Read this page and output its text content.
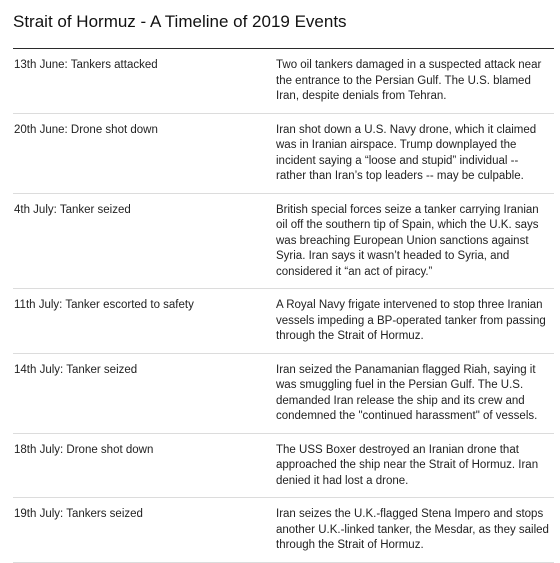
Strait of Hormuz - A Timeline of 2019 Events
13th June: Tankers attacked	Two oil tankers damaged in a suspected attack near the entrance to the Persian Gulf. The U.S. blamed Iran, despite denials from Tehran.
20th June: Drone shot down	Iran shot down a U.S. Navy drone, which it claimed was in Iranian airspace. Trump downplayed the incident saying a “loose and stupid” individual -- rather than Iran’s top leaders -- may be culpable.
4th July: Tanker seized	British special forces seize a tanker carrying Iranian oil off the southern tip of Spain, which the U.K. says was breaching European Union sanctions against Syria. Iran says it wasn’t headed to Syria, and considered it “an act of piracy.”
11th July: Tanker escorted to safety	A Royal Navy frigate intervened to stop three Iranian vessels impeding a BP-operated tanker from passing through the Strait of Hormuz.
14th July: Tanker seized	Iran seized the Panamanian flagged Riah, saying it was smuggling fuel in the Persian Gulf. The U.S. demanded Iran release the ship and its crew and condemned the "continued harassment" of vessels.
18th July: Drone shot down	The USS Boxer destroyed an Iranian drone that approached the ship near the Strait of Hormuz. Iran denied it had lost a drone.
19th July: Tankers seized	Iran seizes the U.K.-flagged Stena Impero and stops another U.K.-linked tanker, the Mesdar, as they sailed through the Strait of Hormuz.
